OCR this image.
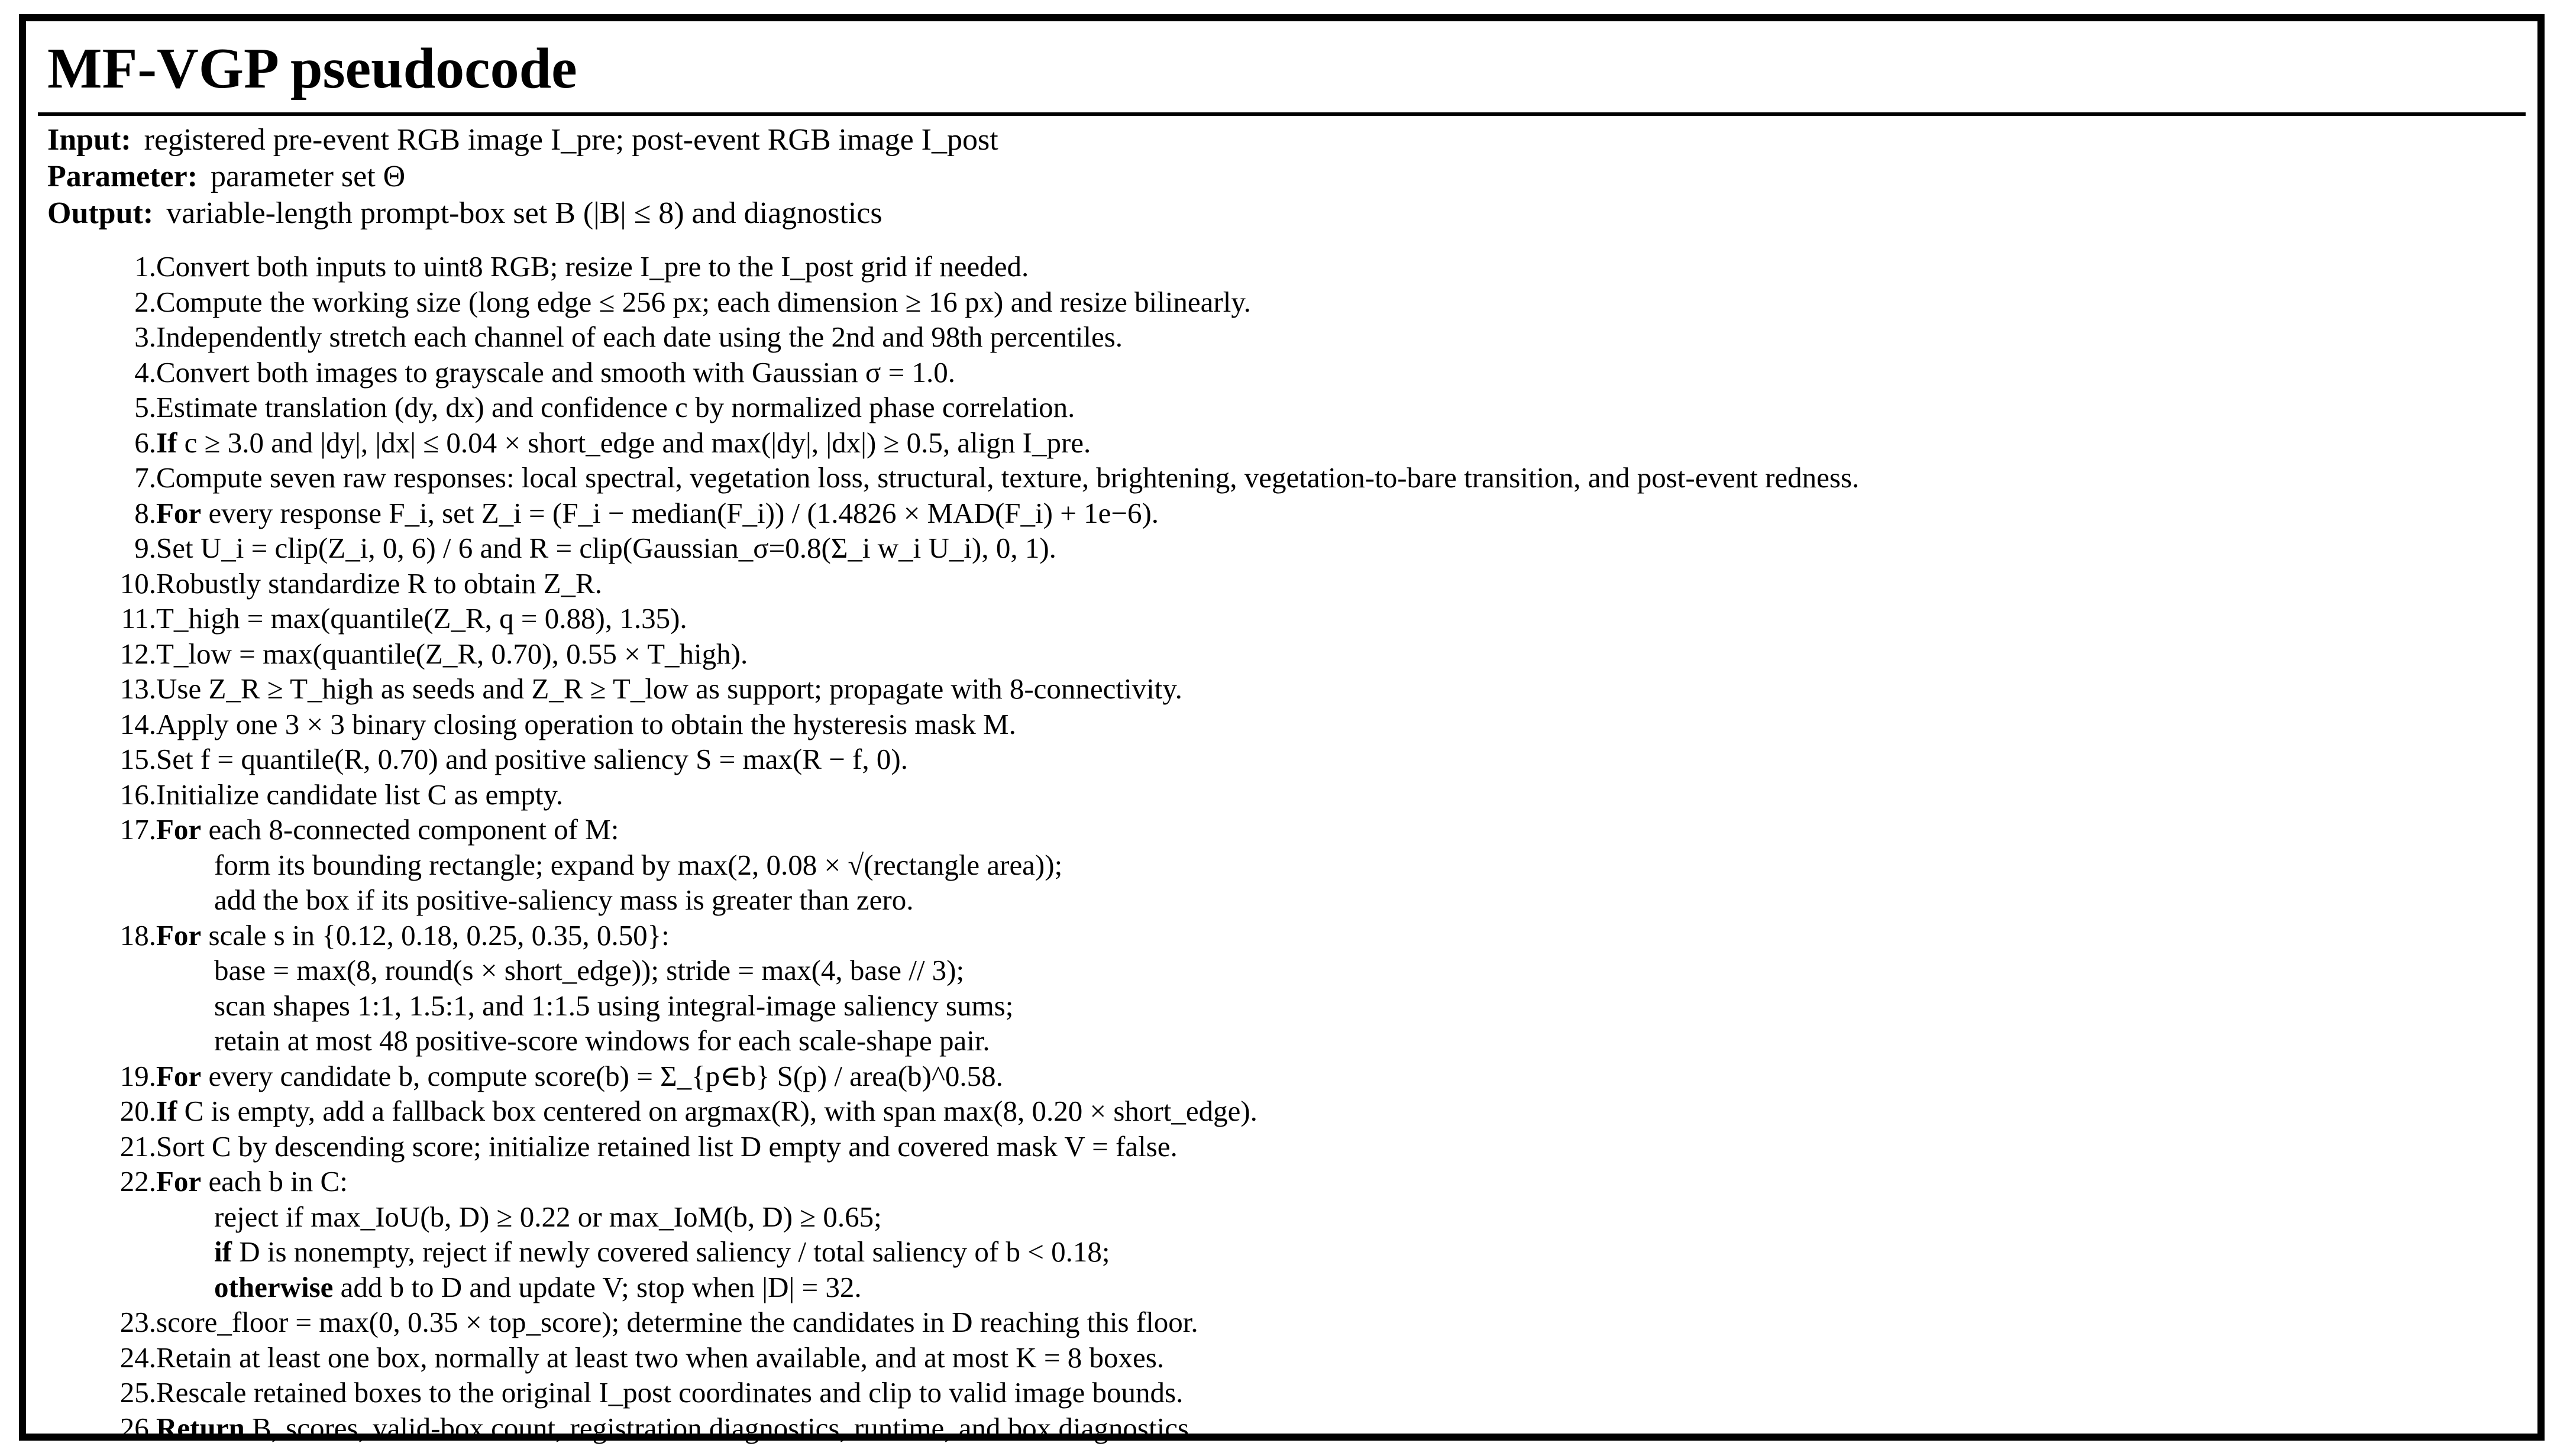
MF-VGP pseudocode
Input: registered pre-event RGB image I_pre; post-event RGB image I_post
Parameter: parameter set Θ
Output: variable-length prompt-box set B (|B| ≤ 8) and diagnostics
1.Convert both inputs to uint8 RGB; resize I_pre to the I_post grid if needed.
2.Compute the working size (long edge ≤ 256 px; each dimension ≥ 16 px) and resize bilinearly.
3.Independently stretch each channel of each date using the 2nd and 98th percentiles.
4.Convert both images to grayscale and smooth with Gaussian σ = 1.0.
5.Estimate translation (dy, dx) and confidence c by normalized phase correlation.
6.If c ≥ 3.0 and |dy|, |dx| ≤ 0.04 × short_edge and max(|dy|, |dx|) ≥ 0.5, align I_pre.
7.Compute seven raw responses: local spectral, vegetation loss, structural, texture, brightening, vegetation-to-bare transition, and post-event redness.
8.For every response F_i, set Z_i = (F_i − median(F_i)) / (1.4826 × MAD(F_i) + 1e−6).
9.Set U_i = clip(Z_i, 0, 6) / 6 and R = clip(Gaussian_σ=0.8(Σ_i w_i U_i), 0, 1).
10.Robustly standardize R to obtain Z_R.
11.T_high = max(quantile(Z_R, q = 0.88), 1.35).
12.T_low = max(quantile(Z_R, 0.70), 0.55 × T_high).
13.Use Z_R ≥ T_high as seeds and Z_R ≥ T_low as support; propagate with 8-connectivity.
14.Apply one 3 × 3 binary closing operation to obtain the hysteresis mask M.
15.Set f = quantile(R, 0.70) and positive saliency S = max(R − f, 0).
16.Initialize candidate list C as empty.
17.For each 8-connected component of M:
form its bounding rectangle; expand by max(2, 0.08 × √(rectangle area));
add the box if its positive-saliency mass is greater than zero.
18.For scale s in {0.12, 0.18, 0.25, 0.35, 0.50}:
base = max(8, round(s × short_edge)); stride = max(4, base // 3);
scan shapes 1:1, 1.5:1, and 1:1.5 using integral-image saliency sums;
retain at most 48 positive-score windows for each scale-shape pair.
19.For every candidate b, compute score(b) = Σ_{p∈b} S(p) / area(b)^0.58.
20.If C is empty, add a fallback box centered on argmax(R), with span max(8, 0.20 × short_edge).
21.Sort C by descending score; initialize retained list D empty and covered mask V = false.
22.For each b in C:
reject if max_IoU(b, D) ≥ 0.22 or max_IoM(b, D) ≥ 0.65;
if D is nonempty, reject if newly covered saliency / total saliency of b < 0.18;
otherwise add b to D and update V; stop when |D| = 32.
23.score_floor = max(0, 0.35 × top_score); determine the candidates in D reaching this floor.
24.Retain at least one box, normally at least two when available, and at most K = 8 boxes.
25.Rescale retained boxes to the original I_post coordinates and clip to valid image bounds.
26.Return B, scores, valid-box count, registration diagnostics, runtime, and box diagnostics.
